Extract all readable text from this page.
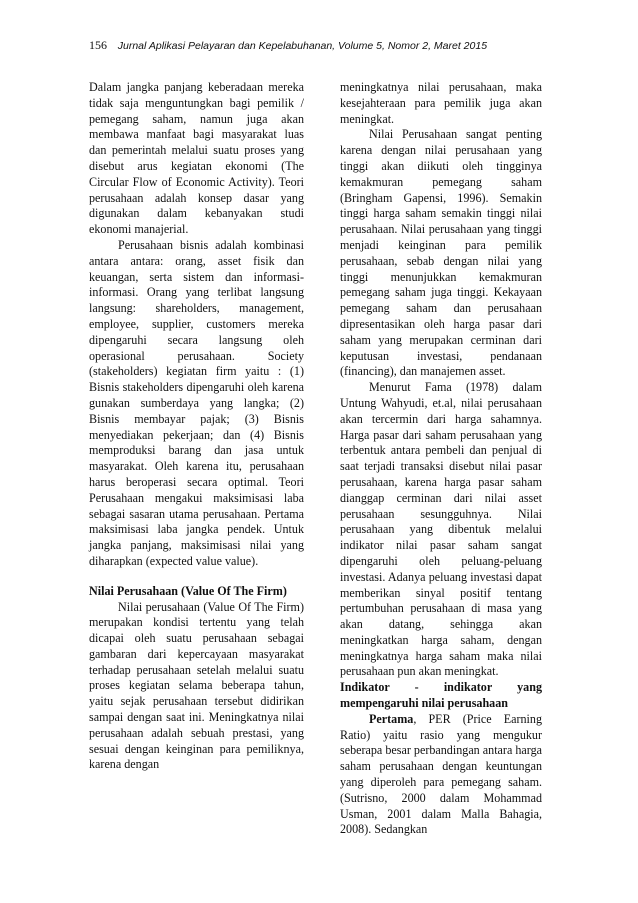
156 Jurnal Aplikasi Pelayaran dan Kepelabuhanan, Volume 5, Nomor 2, Maret 2015

Dalam jangka panjang keberadaan mereka tidak saja menguntungkan bagi pemilik / pemegang saham, namun juga akan membawa manfaat bagi masyarakat luas dan pemerintah melalui suatu proses yang disebut arus kegiatan ekonomi (The Circular Flow of Economic Activity). Teori perusahaan adalah konsep dasar yang digunakan dalam kebanyakan studi ekonomi manajerial.

Perusahaan bisnis adalah kombinasi antara antara: orang, asset fisik dan keuangan, serta sistem dan informasi-informasi. Orang yang terlibat langsung langsung: shareholders, management, employee, supplier, customers mereka dipengaruhi secara langsung oleh operasional perusahaan. Society (stakeholders) kegiatan firm yaitu : (1) Bisnis stakeholders dipengaruhi oleh karena gunakan sumberdaya yang langka; (2) Bisnis membayar pajak; (3) Bisnis menyediakan pekerjaan; dan (4) Bisnis memproduksi barang dan jasa untuk masyarakat. Oleh karena itu, perusahaan harus beroperasi secara optimal. Teori Perusahaan mengakui maksimisasi laba sebagai sasaran utama perusahaan. Pertama maksimisasi laba jangka pendek. Untuk jangka panjang, maksimisasi nilai yang diharapkan (expected value value).

Nilai Perusahaan (Value Of The Firm)

Nilai perusahaan (Value Of The Firm) merupakan kondisi tertentu yang telah dicapai oleh suatu perusahaan sebagai gambaran dari kepercayaan masyarakat terhadap perusahaan setelah melalui suatu proses kegiatan selama beberapa tahun, yaitu sejak perusahaan tersebut didirikan sampai dengan saat ini. Meningkatnya nilai perusahaan adalah sebuah prestasi, yang sesuai dengan keinginan para pemiliknya, karena dengan

meningkatnya nilai perusahaan, maka kesejahteraan para pemilik juga akan meningkat.

Nilai Perusahaan sangat penting karena dengan nilai perusahaan yang tinggi akan diikuti oleh tingginya kemakmuran pemegang saham (Bringham Gapensi, 1996). Semakin tinggi harga saham semakin tinggi nilai perusahaan. Nilai perusahaan yang tinggi menjadi keinginan para pemilik perusahaan, sebab dengan nilai yang tinggi menunjukkan kemakmuran pemegang saham juga tinggi. Kekayaan pemegang saham dan perusahaan dipresentasikan oleh harga pasar dari saham yang merupakan cerminan dari keputusan investasi, pendanaan (financing), dan manajemen asset.

Menurut Fama (1978) dalam Untung Wahyudi, et.al, nilai perusahaan akan tercermin dari harga sahamnya. Harga pasar dari saham perusahaan yang terbentuk antara pembeli dan penjual di saat terjadi transaksi disebut nilai pasar perusahaan, karena harga pasar saham dianggap cerminan dari nilai asset perusahaan sesungguhnya. Nilai perusahaan yang dibentuk melalui indikator nilai pasar saham sangat dipengaruhi oleh peluang-peluang investasi. Adanya peluang investasi dapat memberikan sinyal positif tentang pertumbuhan perusahaan di masa yang akan datang, sehingga akan meningkatkan harga saham, dengan meningkatnya harga saham maka nilai perusahaan pun akan meningkat.

Indikator - indikator yang mempengaruhi nilai perusahaan

Pertama, PER (Price Earning Ratio) yaitu rasio yang mengukur seberapa besar perbandingan antara harga saham perusahaan dengan keuntungan yang diperoleh para pemegang saham. (Sutrisno, 2000 dalam Mohammad Usman, 2001 dalam Malla Bahagia, 2008). Sedangkan
